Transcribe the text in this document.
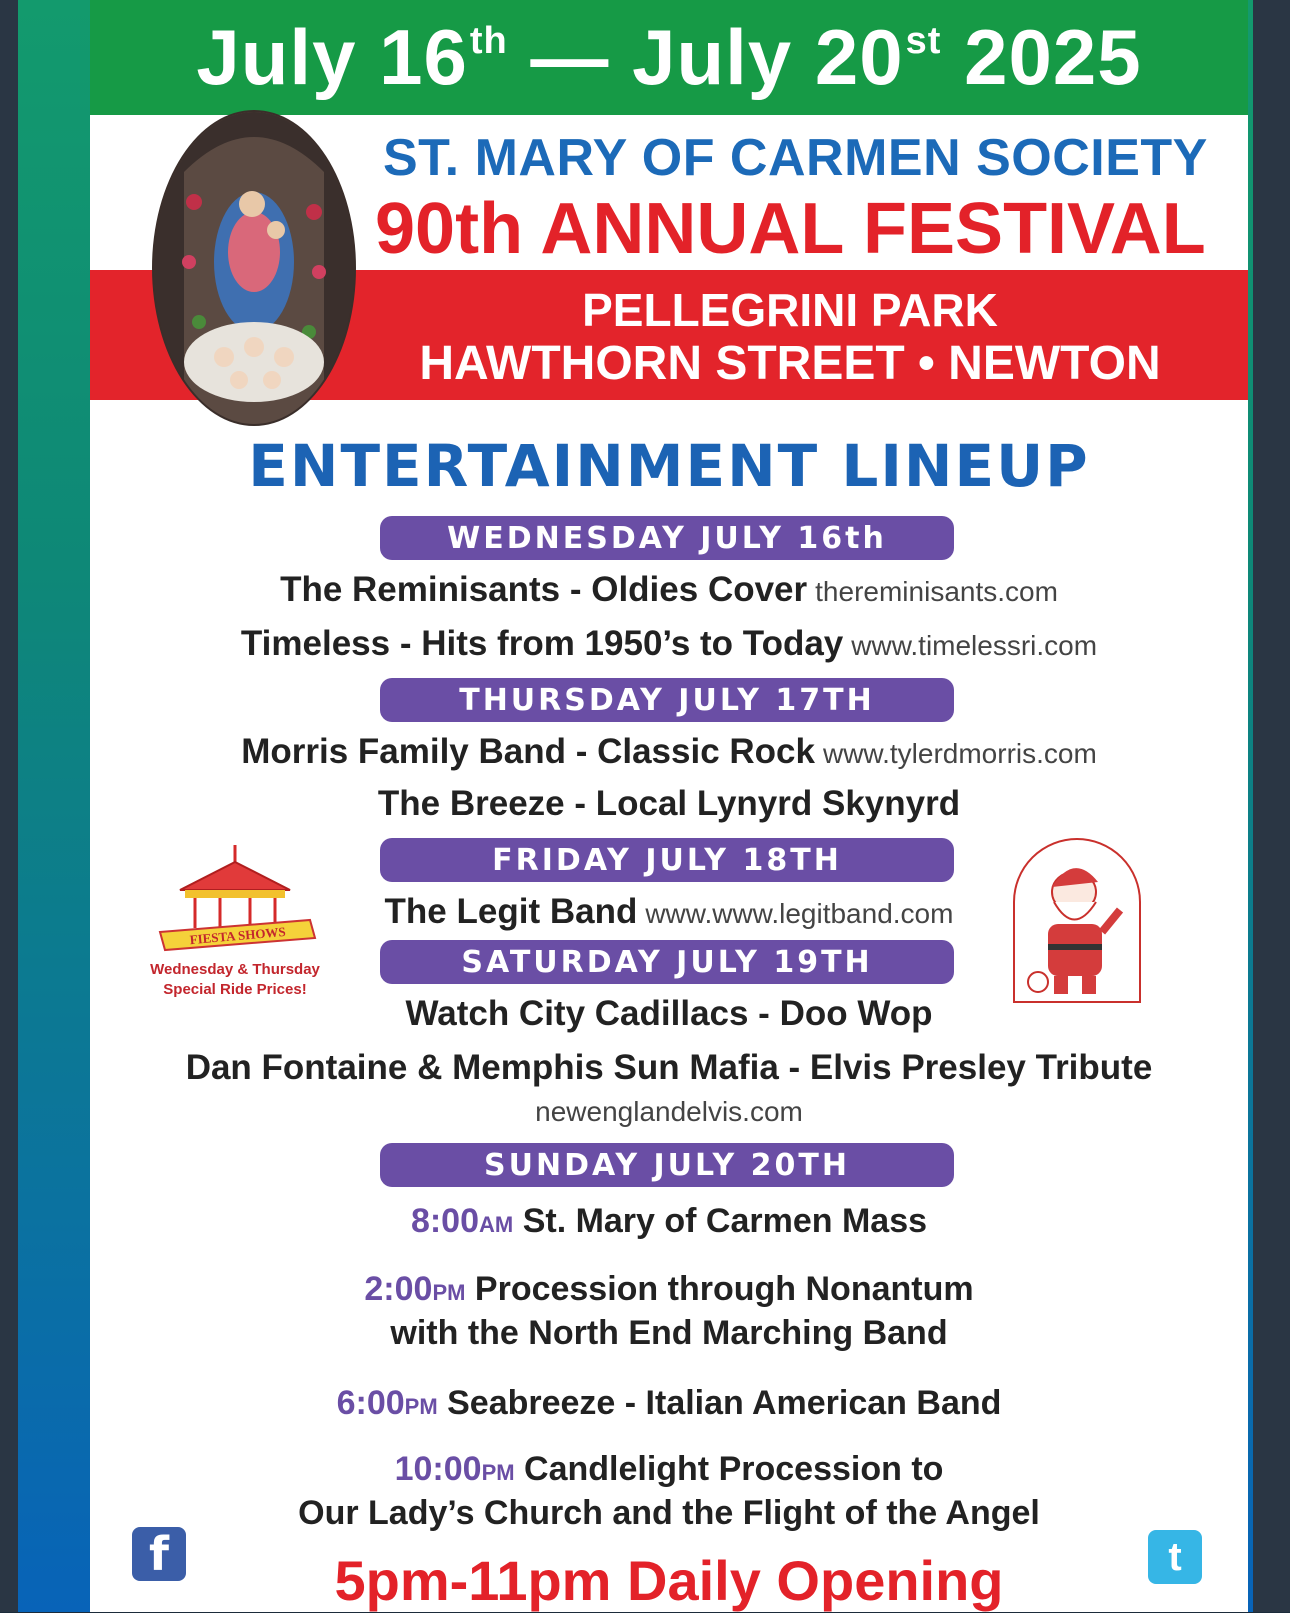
July 16th — July 20st 2025
ST. MARY OF CARMEN SOCIETY
90th ANNUAL FESTIVAL
PELLEGRINI PARK
HAWTHORN STREET • NEWTON
ENTERTAINMENT LINEUP
WEDNESDAY JULY 16th
The Reminisants - Oldies Cover thereminisants.com
Timeless - Hits from 1950’s to Today www.timelessri.com
THURSDAY JULY 17TH
Morris Family Band - Classic Rock www.tylerdmorris.com
The Breeze - Local Lynyrd Skynyrd
FRIDAY JULY 18TH
The Legit Band www.www.legitband.com
SATURDAY JULY 19TH
Watch City Cadillacs - Doo Wop
Dan Fontaine & Memphis Sun Mafia - Elvis Presley Tribute
newenglandelvis.com
SUNDAY JULY 20TH
8:00AM St. Mary of Carmen Mass
2:00PM Procession through Nonantum
with the North End Marching Band
6:00PM Seabreeze - Italian American Band
10:00PM Candlelight Procession to
Our Lady’s Church and the Flight of the Angel
FIESTA SHOWS
Wednesday & Thursday
Special Ride Prices!
5pm-11pm Daily Opening
f	t
